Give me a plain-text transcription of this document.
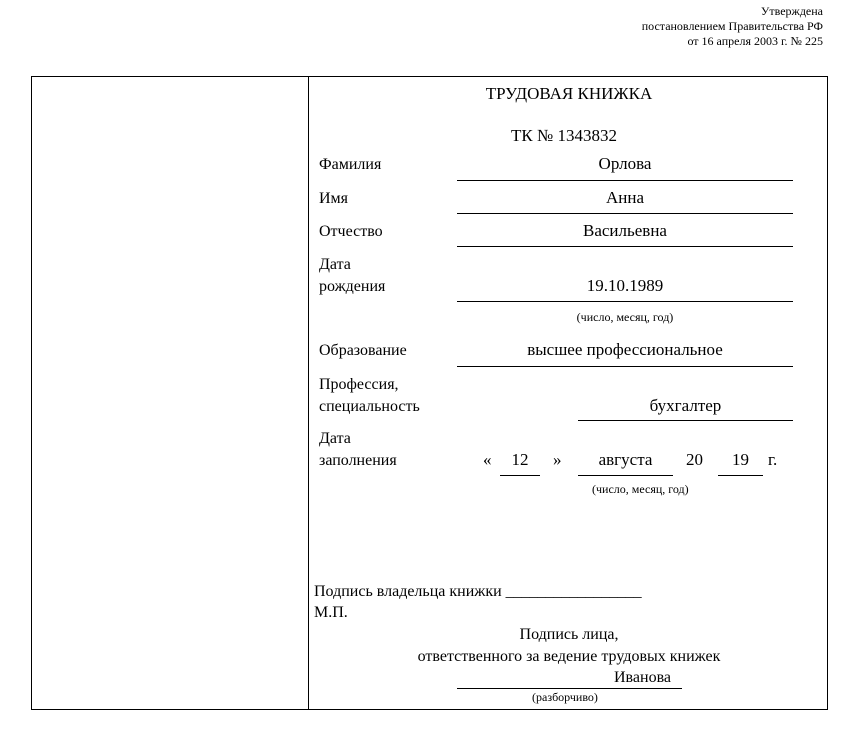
Утверждена
постановлением Правительства РФ
от 16 апреля 2003 г. № 225
ТРУДОВАЯ КНИЖКА
ТК № 1343832
Фамилия	Орлова
Имя	Анна
Отчество	Васильевна
Дата
рождения	19.10.1989
(число, месяц, год)
Образование	высшее профессиональное
Профессия,
специальность	бухгалтер
Дата
заполнения	«	12	»	августа	20	19	г.
(число, месяц, год)
Подпись владельца книжки _________________
М.П.
Подпись лица,
ответственного за ведение трудовых книжек
Иванова
(разборчиво)
